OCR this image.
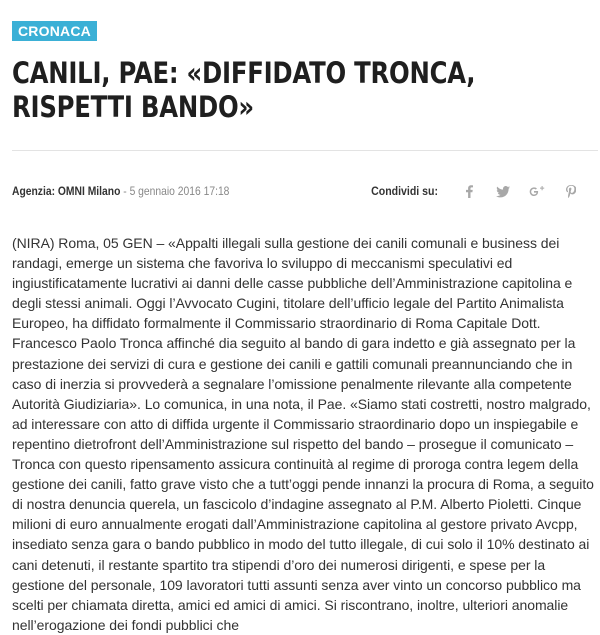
CRONACA
CANILI, PAE: «DIFFIDATO TRONCA, RISPETTI BANDO»
Agenzia: OMNI Milano - 5 gennaio 2016 17:18	Condividi su:

(NIRA) Roma, 05 GEN – «Appalti illegali sulla gestione dei canili comunali e business dei randagi, emerge un sistema che favoriva lo sviluppo di meccanismi speculativi ed ingiustificatamente lucrativi ai danni delle casse pubbliche dell’Amministrazione capitolina e degli stessi animali. Oggi l’Avvocato Cugini, titolare dell’ufficio legale del Partito Animalista Europeo, ha diffidato formalmente il Commissario straordinario di Roma Capitale Dott. Francesco Paolo Tronca affinché dia seguito al bando di gara indetto e già assegnato per la prestazione dei servizi di cura e gestione dei canili e gattili comunali preannunciando che in caso di inerzia si provvederà a segnalare l’omissione penalmente rilevante alla competente Autorità Giudiziaria». Lo comunica, in una nota, il Pae. «Siamo stati costretti, nostro malgrado, ad interessare con atto di diffida urgente il Commissario straordinario dopo un inspiegabile e repentino dietrofront dell’Amministrazione sul rispetto del bando – prosegue il comunicato – Tronca con questo ripensamento assicura continuità al regime di proroga contra legem della gestione dei canili, fatto grave visto che a tutt’oggi pende innanzi la procura di Roma, a seguito di nostra denuncia querela, un fascicolo d’indagine assegnato al P.M. Alberto Pioletti. Cinque milioni di euro annualmente erogati dall’Amministrazione capitolina al gestore privato Avcpp, insediato senza gara o bando pubblico in modo del tutto illegale, di cui solo il 10% destinato ai cani detenuti, il restante spartito tra stipendi d’oro dei numerosi dirigenti, e spese per la gestione del personale, 109 lavoratori tutti assunti senza aver vinto un concorso pubblico ma scelti per chiamata diretta, amici ed amici di amici. Si riscontrano, inoltre, ulteriori anomalie nell’erogazione dei fondi pubblici che
